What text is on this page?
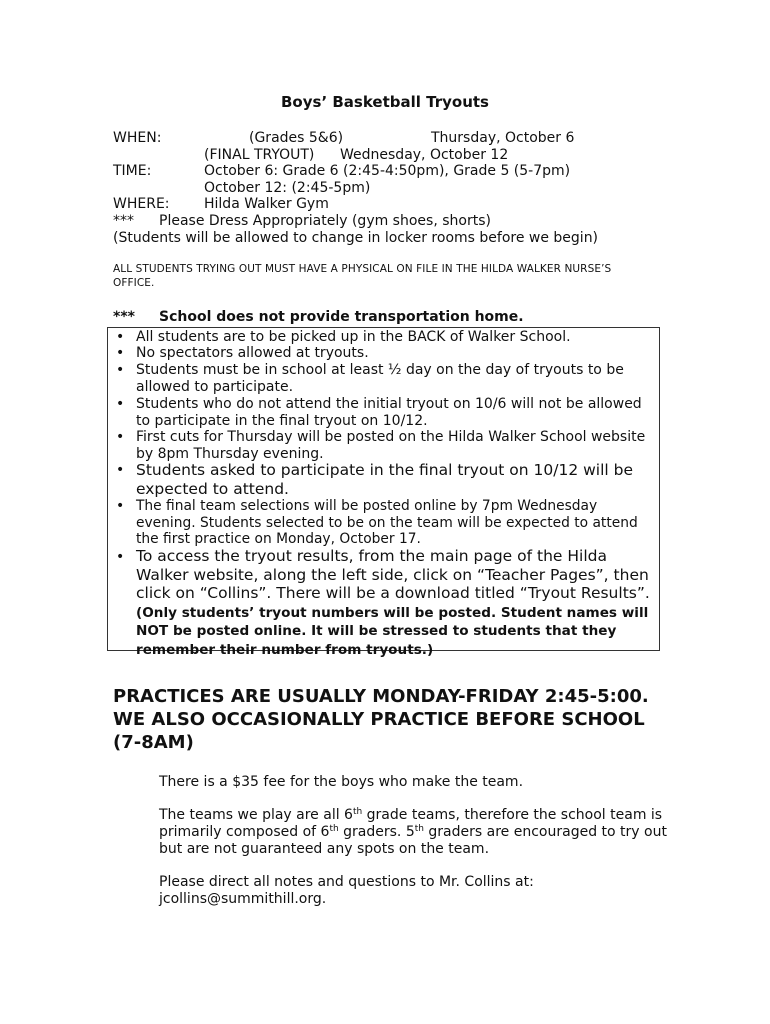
Boys’ Basketball Tryouts
WHEN:	(Grades 5&6)	Thursday, October 6
(FINAL TRYOUT) Wednesday, October 12
TIME:	October 6: Grade 6 (2:45-4:50pm), Grade 5 (5-7pm)
October 12: (2:45-5pm)
WHERE: Hilda Walker Gym
*** Please Dress Appropriately (gym shoes, shorts)
(Students will be allowed to change in locker rooms before we begin)
ALL STUDENTS TRYING OUT MUST HAVE A PHYSICAL ON FILE IN THE HILDA WALKER NURSE’S
OFFICE.
*** School does not provide transportation home.
• All students are to be picked up in the BACK of Walker School.
• No spectators allowed at tryouts.
• Students must be in school at least ½ day on the day of tryouts to be allowed to participate.
• Students who do not attend the initial tryout on 10/6 will not be allowed to participate in the final tryout on 10/12.
• First cuts for Thursday will be posted on the Hilda Walker School website by 8pm Thursday evening.
• Students asked to participate in the final tryout on 10/12 will be expected to attend.
• The final team selections will be posted online by 7pm Wednesday evening. Students selected to be on the team will be expected to attend the first practice on Monday, October 17.
• To access the tryout results, from the main page of the Hilda Walker website, along the left side, click on “Teacher Pages”, then click on “Collins”. There will be a download titled “Tryout Results”. (Only students’ tryout numbers will be posted. Student names will NOT be posted online. It will be stressed to students that they remember their number from tryouts.)
PRACTICES ARE USUALLY MONDAY-FRIDAY 2:45-5:00. WE ALSO OCCASIONALLY PRACTICE BEFORE SCHOOL (7-8AM)
There is a $35 fee for the boys who make the team.
The teams we play are all 6th grade teams, therefore the school team is primarily composed of 6th graders. 5th graders are encouraged to try out but are not guaranteed any spots on the team.
Please direct all notes and questions to Mr. Collins at:
jcollins@summithill.org.
